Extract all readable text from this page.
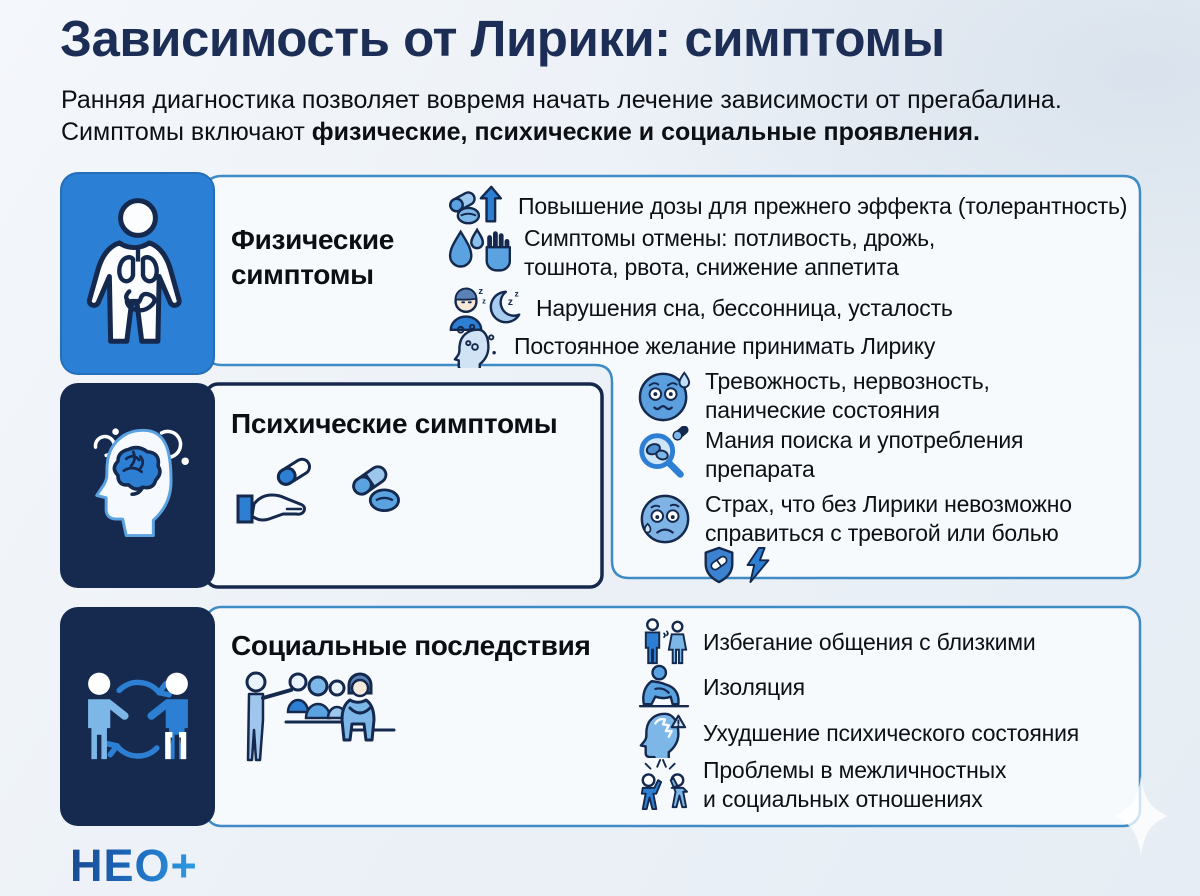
Зависимость от Лирики: симптомы
Ранняя диагностика позволяет вовремя начать лечение зависимости от прегабалина.
Симптомы включают физические, психические и социальные проявления.
Физические
симптомы
Повышение дозы для прежнего эффекта (толерантность)
Симптомы отмены: потливость, дрожь,
тошнота, рвота, снижение аппетита
z
z z
z
Нарушения сна, бессонница, усталость
Постоянное желание принимать Лирику
Психические симптомы
Тревожность, нервозность,
панические состояния
Мания поиска и употребления
препарата
Страх, что без Лирики невозможно
справиться с тревогой или болью
Социальные последствия	Избегание общения с близкими
Изоляция
Ухудшение психического состояния
Проблемы в межличностных
и социальных отношениях
НЕО+
